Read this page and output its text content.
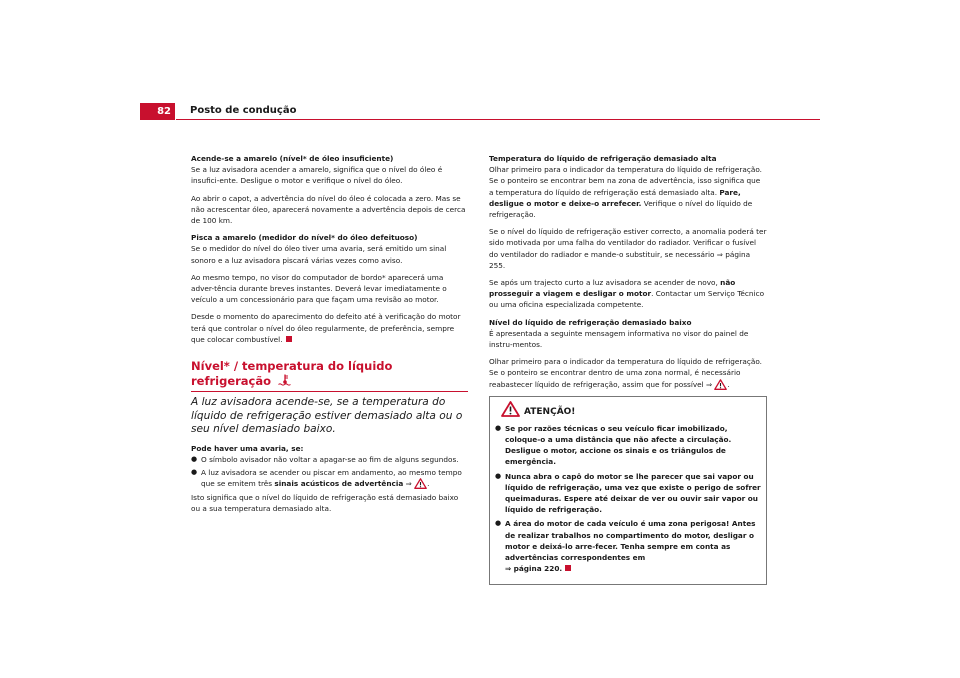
82	Posto de condução

Acende-se a amarelo (nível* de óleo insuficiente)

Se a luz avisadora acender a amarelo, significa que o nível do óleo é insufici-ente. Desligue o motor e verifique o nível do óleo.

Ao abrir o capot, a advertência do nível do óleo é colocada a zero. Mas se não acrescentar óleo, aparecerá novamente a advertência depois de cerca de 100 km.

Pisca a amarelo (medidor do nível* do óleo defeituoso)

Se o medidor do nível do óleo tiver uma avaria, será emitido um sinal sonoro e a luz avisadora piscará várias vezes como aviso.

Ao mesmo tempo, no visor do computador de bordo* aparecerá uma adver-tência durante breves instantes. Deverá levar imediatamente o veículo a um concessionário para que façam uma revisão ao motor.

Desde o momento do aparecimento do defeito até à verificação do motor terá que controlar o nível do óleo regularmente, de preferência, sempre que colocar combustível.

Nível* / temperatura do líquido refrigeração

A luz avisadora acende-se, se a temperatura do líquido de refrigeração estiver demasiado alta ou o seu nível demasiado baixo.

Pode haver uma avaria, se:

● O símbolo avisador não voltar a apagar-se ao fim de alguns segundos.

● A luz avisadora se acender ou piscar em andamento, ao mesmo tempo que se emitem três sinais acústicos de advertência ⇒ .

Isto significa que o nível do líquido de refrigeração está demasiado baixo ou a sua temperatura demasiado alta.

Temperatura do líquido de refrigeração demasiado alta

Olhar primeiro para o indicador da temperatura do líquido de refrigeração. Se o ponteiro se encontrar bem na zona de advertência, isso significa que a temperatura do líquido de refrigeração está demasiado alta. Pare, desligue o motor e deixe-o arrefecer. Verifique o nível do líquido de refrigeração.

Se o nível do líquido de refrigeração estiver correcto, a anomalia poderá ter sido motivada por uma falha do ventilador do radiador. Verificar o fusível do ventilador do radiador e mande-o substituir, se necessário ⇒ página 255.

Se após um trajecto curto a luz avisadora se acender de novo, não prosseguir a viagem e desligar o motor. Contactar um Serviço Técnico ou uma oficina especializada competente.

Nível do líquido de refrigeração demasiado baixo

É apresentada a seguinte mensagem informativa no visor do painel de instru-mentos.

Olhar primeiro para o indicador da temperatura do líquido de refrigeração. Se o ponteiro se encontrar dentro de uma zona normal, é necessário reabastecer líquido de refrigeração, assim que for possível ⇒ .

ATENÇÃO!

● Se por razões técnicas o seu veículo ficar imobilizado, coloque-o a uma distância que não afecte a circulação. Desligue o motor, accione os sinais e os triângulos de emergência.

● Nunca abra o capô do motor se lhe parecer que sai vapor ou líquido de refrigeração, uma vez que existe o perigo de sofrer queimaduras. Espere até deixar de ver ou ouvir sair vapor ou líquido de refrigeração.

● A área do motor de cada veículo é uma zona perigosa! Antes de realizar trabalhos no compartimento do motor, desligar o motor e deixá-lo arre-fecer. Tenha sempre em conta as advertências correspondentes em
⇒ página 220.
